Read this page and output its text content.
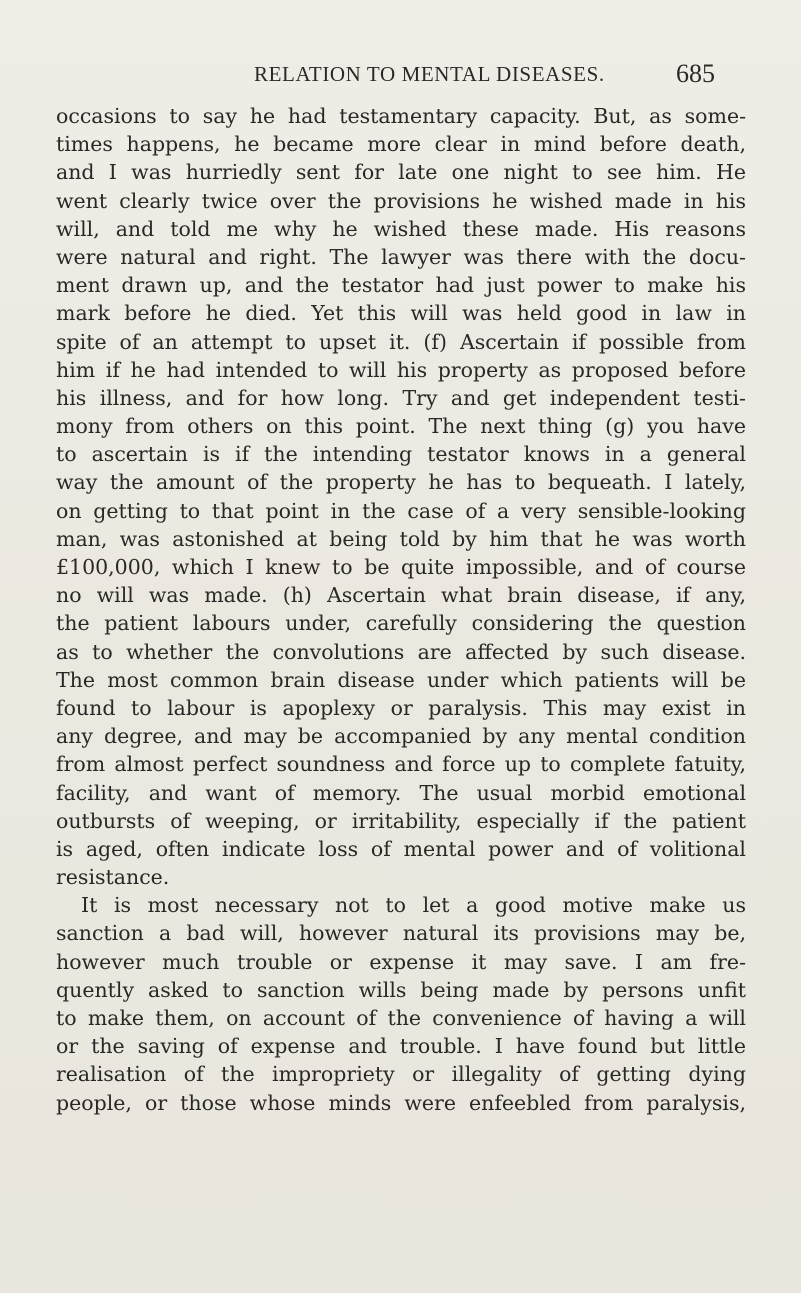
RELATION TO MENTAL DISEASES.	685
occasions to say he had testamentary capacity. But, as some-
times happens, he became more clear in mind before death,
and I was hurriedly sent for late one night to see him. He
went clearly twice over the provisions he wished made in his
will, and told me why he wished these made. His reasons
were natural and right. The lawyer was there with the docu-
ment drawn up, and the testator had just power to make his
mark before he died. Yet this will was held good in law in
spite of an attempt to upset it. (f) Ascertain if possible from
him if he had intended to will his property as proposed before
his illness, and for how long. Try and get independent testi-
mony from others on this point. The next thing (g) you have
to ascertain is if the intending testator knows in a general
way the amount of the property he has to bequeath. I lately,
on getting to that point in the case of a very sensible-looking
man, was astonished at being told by him that he was worth
£100,000, which I knew to be quite impossible, and of course
no will was made. (h) Ascertain what brain disease, if any,
the patient labours under, carefully considering the question
as to whether the convolutions are affected by such disease.
The most common brain disease under which patients will be
found to labour is apoplexy or paralysis. This may exist in
any degree, and may be accompanied by any mental condition
from almost perfect soundness and force up to complete fatuity,
facility, and want of memory. The usual morbid emotional
outbursts of weeping, or irritability, especially if the patient
is aged, often indicate loss of mental power and of volitional
resistance.
It is most necessary not to let a good motive make us
sanction a bad will, however natural its provisions may be,
however much trouble or expense it may save. I am fre-
quently asked to sanction wills being made by persons unfit
to make them, on account of the convenience of having a will
or the saving of expense and trouble. I have found but little
realisation of the impropriety or illegality of getting dying
people, or those whose minds were enfeebled from paralysis,
